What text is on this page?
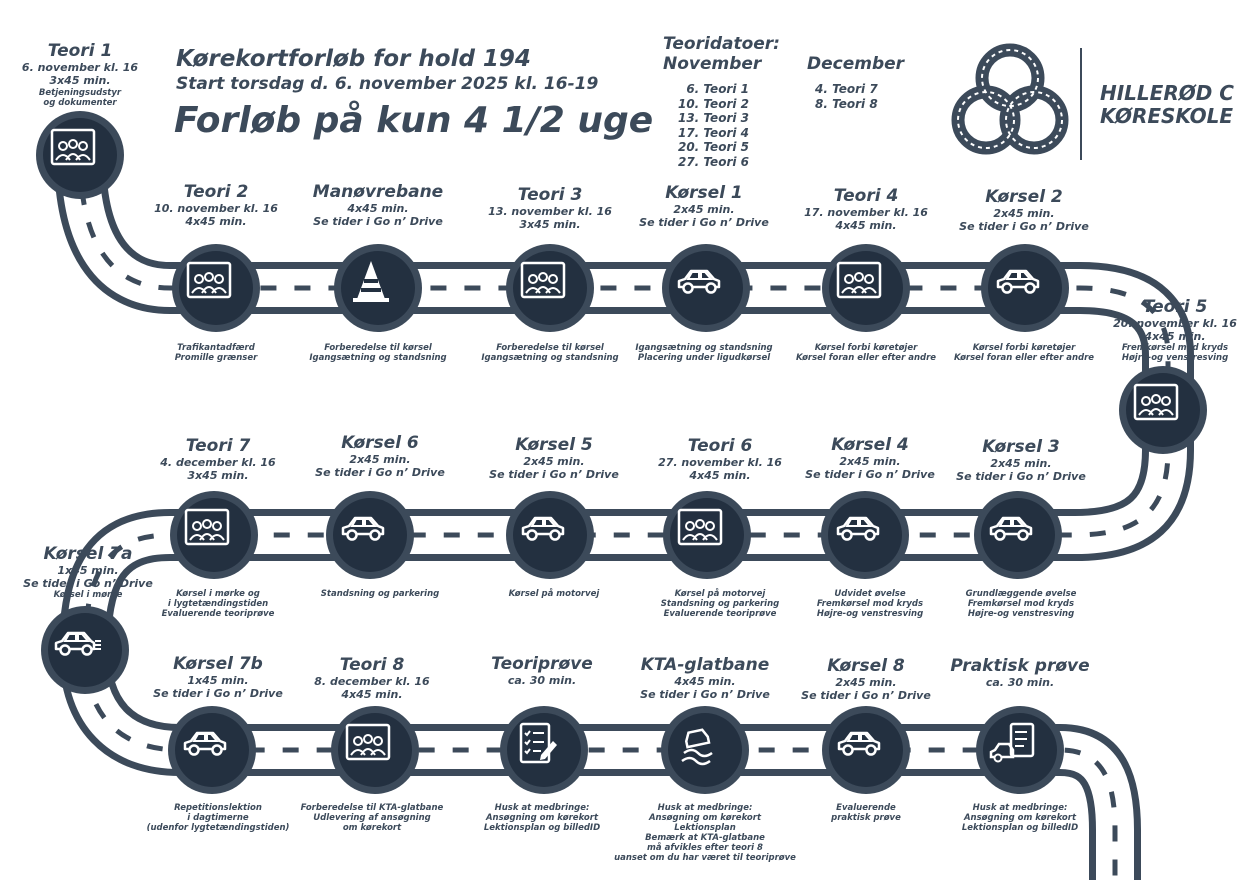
Kørekortforløb for hold 194
Start torsdag d. 6. november 2025 kl. 16-19
Forløb på kun 4 1/2 uge
Teoridatoer:
November
6. Teori 1
10. Teori 2
13. Teori 3
17. Teori 4
20. Teori 5
27. Teori 6
December
4. Teori 7
8. Teori 8	HILLERØD C
KØRESKOLE
Teori 1
6. november kl. 16
3x45 min.
Betjeningsudstyr
og dokumenter
Teori 2
10. november kl. 16
4x45 min.
Trafikantadfærd
Promille grænser
Manøvrebane
4x45 min.
Se tider i Go n’ Drive
Forberedelse til kørsel
Igangsætning og standsning
Teori 3
13. november kl. 16
3x45 min.
Forberedelse til kørsel
Igangsætning og standsning
Kørsel 1
2x45 min.
Se tider i Go n’ Drive
Igangsætning og standsning
Placering under ligudkørsel
Teori 4
17. november kl. 16
4x45 min.
Kørsel forbi køretøjer
Kørsel foran eller efter andre
Kørsel 2
2x45 min.
Se tider i Go n’ Drive
Kørsel forbi køretøjer
Kørsel foran eller efter andre
Teori 5
20. november kl. 16
4x45 min.
Fremkørsel mod kryds
Højre-og venstresving
Kørsel 3
2x45 min.
Se tider i Go n’ Drive
Grundlæggende øvelse
Fremkørsel mod kryds
Højre-og venstresving
Kørsel 4
2x45 min.
Se tider i Go n’ Drive
Udvidet øvelse
Fremkørsel mod kryds
Højre-og venstresving
Teori 6
27. november kl. 16
4x45 min.
Kørsel på motorvej
Standsning og parkering
Evaluerende teoriprøve
Kørsel 5
2x45 min.
Se tider i Go n’ Drive
Kørsel på motorvej
Kørsel 6
2x45 min.
Se tider i Go n’ Drive
Standsning og parkering
Teori 7
4. december kl. 16
3x45 min.
Kørsel i mørke og
i lygtetændingstiden
Evaluerende teoriprøve
Kørsel 7a
1x45 min.
Se tider i Go n’ Drive
Kørsel i mørke
Kørsel 7b
1x45 min.
Se tider i Go n’ Drive
Repetitionslektion
i dagtimerne
(udenfor lygtetændingstiden)
Teori 8
8. december kl. 16
4x45 min.
Forberedelse til KTA-glatbane
Udlevering af ansøgning
om kørekort
Teoriprøve
ca. 30 min.
Husk at medbringe:
Ansøgning om kørekort
Lektionsplan og billedID
KTA-glatbane
4x45 min.
Se tider i Go n’ Drive
Husk at medbringe:
Ansøgning om kørekort
Lektionsplan
Bemærk at KTA-glatbane
må afvikles efter teori 8
uanset om du har været til teoriprøve
Kørsel 8
2x45 min.
Se tider i Go n’ Drive
Evaluerende
praktisk prøve
Praktisk prøve
ca. 30 min.
Husk at medbringe:
Ansøgning om kørekort
Lektionsplan og billedID
